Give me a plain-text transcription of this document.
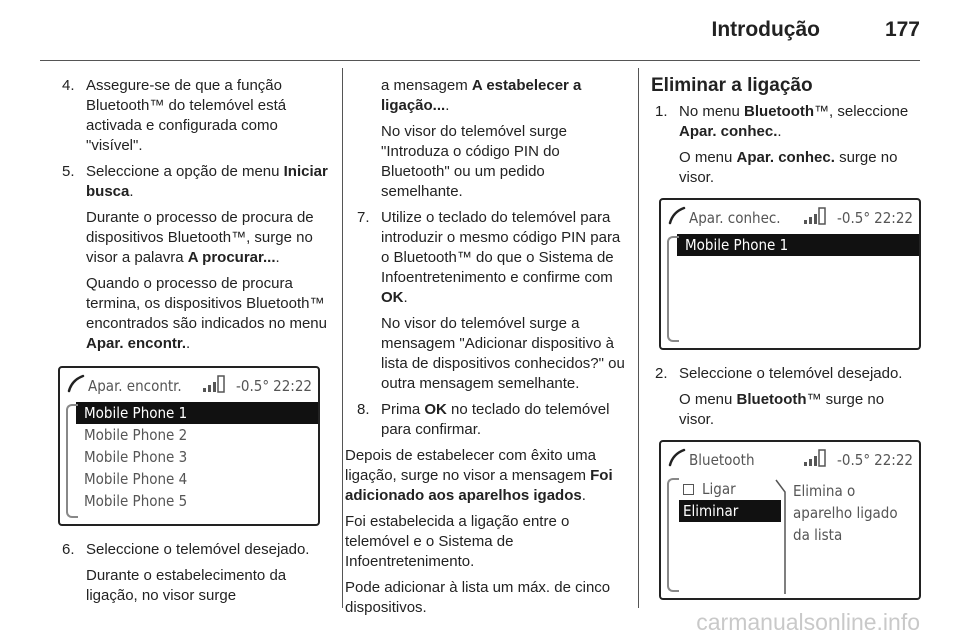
Introdução	177
4. Assegure-se de que a função Bluetooth™ do telemóvel está activada e configurada como "visível".

5. Seleccione a opção de menu Iniciar busca.

Durante o processo de procura de dispositivos Bluetooth™, surge no visor a palavra A procurar....

Quando o processo de procura termina, os dispositivos Bluetooth™ encontrados são indicados no menu Apar. encontr..

Apar. encontr.	-0.5° 22:22
Mobile Phone 1
Mobile Phone 2
Mobile Phone 3
Mobile Phone 4
Mobile Phone 5
6. Seleccione o telemóvel desejado.

Durante o estabelecimento da ligação, no visor surge

a mensagem A estabelecer a ligação....

No visor do telemóvel surge "Introduza o código PIN do Bluetooth" ou um pedido semelhante.

7. Utilize o teclado do telemóvel para introduzir o mesmo código PIN para o Bluetooth™ do que o Sistema de Infoentretenimento e confirme com OK.

No visor do telemóvel surge a mensagem "Adicionar dispositivo à lista de dispositivos conhecidos?" ou outra mensagem semelhante.

8. Prima OK no teclado do telemóvel para confirmar.

Depois de estabelecer com êxito uma ligação, surge no visor a mensagem Foi adicionado aos aparelhos igados.

Foi estabelecida a ligação entre o telemóvel e o Sistema de Infoentretenimento.

Pode adicionar à lista um máx. de cinco dispositivos.

Eliminar a ligação
1. No menu Bluetooth™, seleccione Apar. conhec..

O menu Apar. conhec. surge no visor.

Apar. conhec.	-0.5° 22:22
Mobile Phone 1
2. Seleccione o telemóvel desejado.

O menu Bluetooth™ surge no visor.

Bluetooth	-0.5° 22:22
Ligar
Eliminar
Elimina o aparelho ligado da lista
carmanualsonline.info
